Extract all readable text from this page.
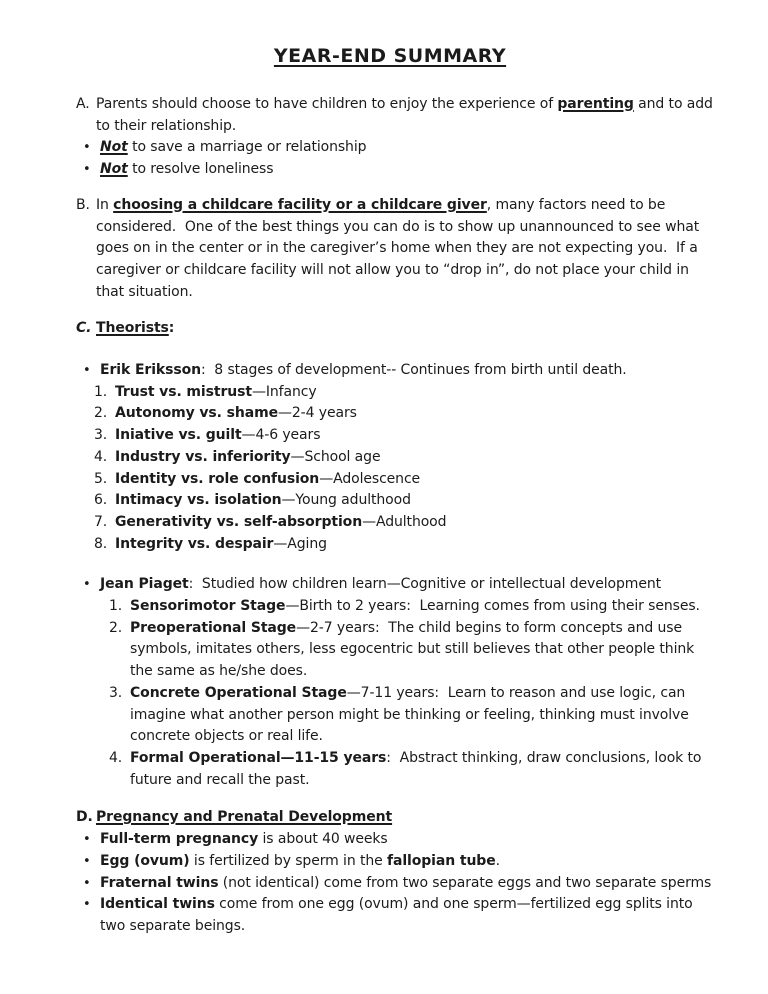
YEAR-END SUMMARY
A. Parents should choose to have children to enjoy the experience of parenting and to add to their relationship.
• Not to save a marriage or relationship
• Not to resolve loneliness
B. In choosing a childcare facility or a childcare giver, many factors need to be considered.  One of the best things you can do is to show up unannounced to see what goes on in the center or in the caregiver’s home when they are not expecting you.  If a caregiver or childcare facility will not allow you to “drop in”, do not place your child in that situation.
C. Theorists:
• Erik Eriksson:  8 stages of development-- Continues from birth until death.
1. Trust vs. mistrust—Infancy
2. Autonomy vs. shame—2-4 years
3. Iniative vs. guilt—4-6 years
4. Industry vs. inferiority—School age
5. Identity vs. role confusion—Adolescence
6. Intimacy vs. isolation—Young adulthood
7. Generativity vs. self-absorption—Adulthood
8. Integrity vs. despair—Aging
• Jean Piaget:  Studied how children learn—Cognitive or intellectual development
1. Sensorimotor Stage—Birth to 2 years:  Learning comes from using their senses.
2. Preoperational Stage—2-7 years:  The child begins to form concepts and use symbols, imitates others, less egocentric but still believes that other people think the same as he/she does.
3. Concrete Operational Stage—7-11 years:  Learn to reason and use logic, can imagine what another person might be thinking or feeling, thinking must involve concrete objects or real life.
4. Formal Operational—11-15 years:  Abstract thinking, draw conclusions, look to future and recall the past.
D. Pregnancy and Prenatal Development
• Full-term pregnancy is about 40 weeks
• Egg (ovum) is fertilized by sperm in the fallopian tube.
• Fraternal twins (not identical) come from two separate eggs and two separate sperms
• Identical twins come from one egg (ovum) and one sperm—fertilized egg splits into two separate beings.
